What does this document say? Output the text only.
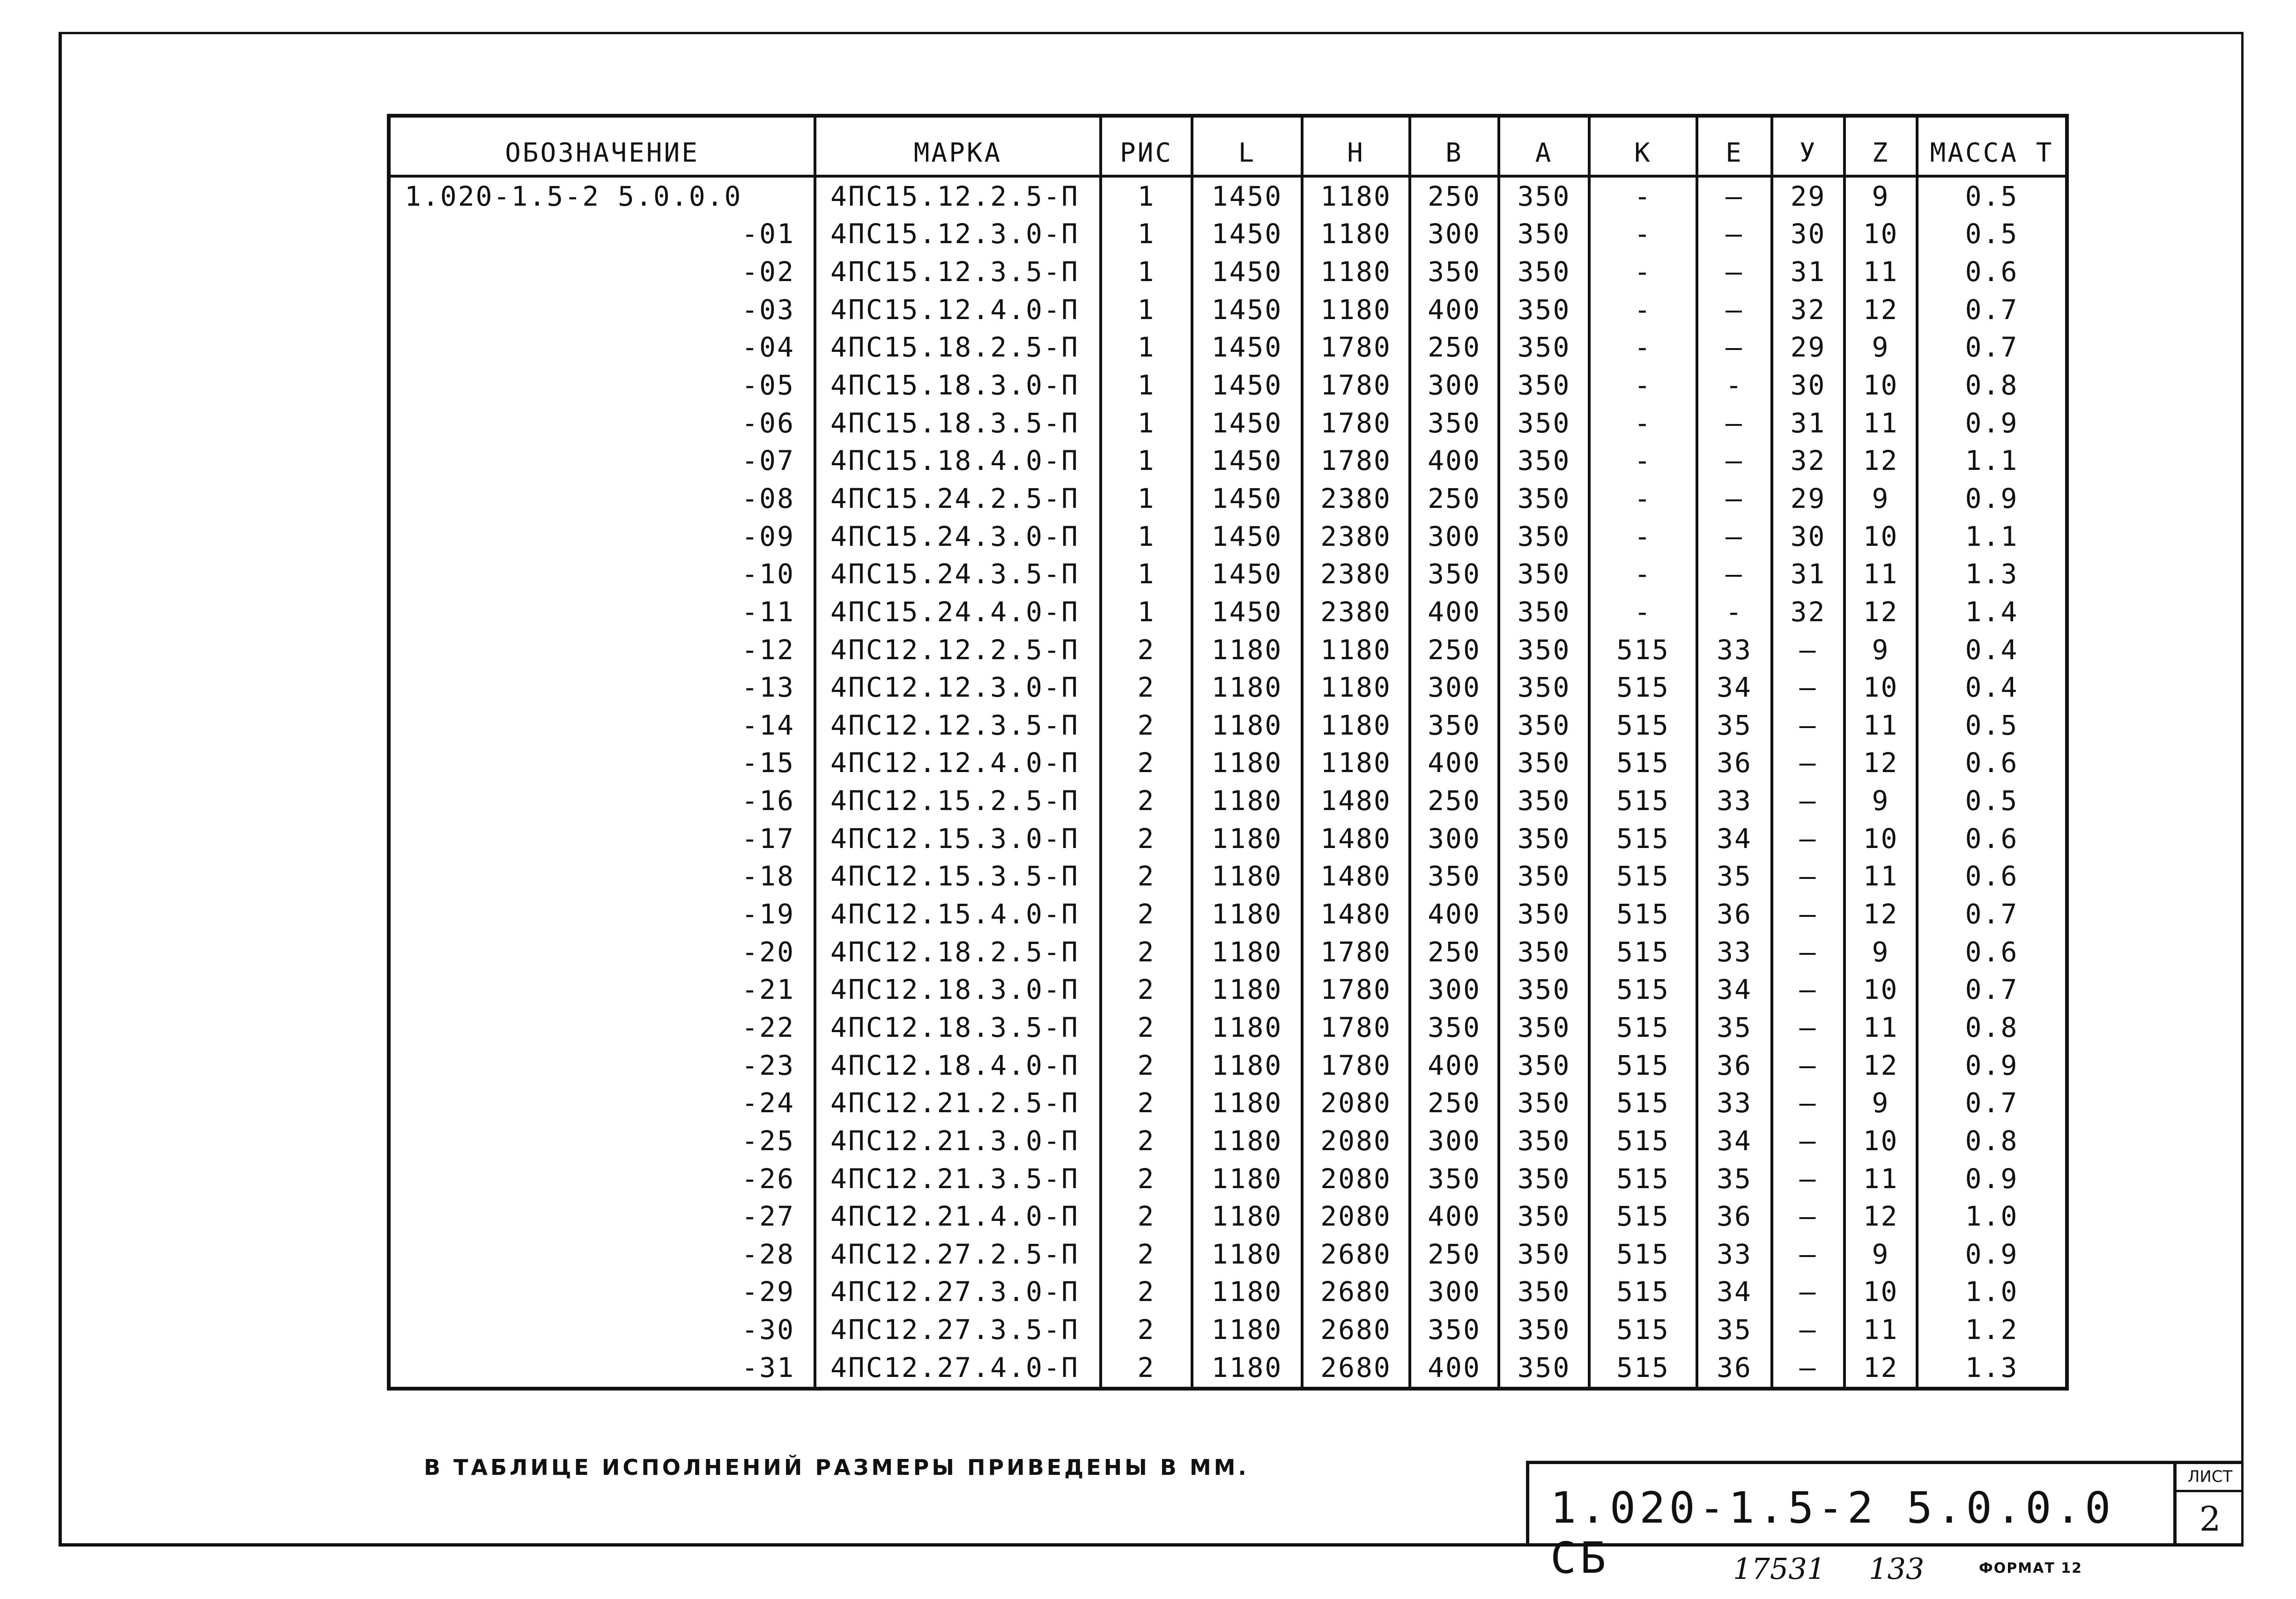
ОБОЗНАЧЕНИЕ	МАРКА	РИС	L	H	B	A	K	E	У	Z	МАССА Т
1.020-1.5-2 5.0.0.0	4ПС15.12.2.5-П	1	1450	1180	250	350	-	–	29	9	0.5
-01	4ПС15.12.3.0-П	1	1450	1180	300	350	-	–	30	10	0.5
-02	4ПС15.12.3.5-П	1	1450	1180	350	350	-	–	31	11	0.6
-03	4ПС15.12.4.0-П	1	1450	1180	400	350	-	–	32	12	0.7
-04	4ПС15.18.2.5-П	1	1450	1780	250	350	-	–	29	9	0.7
-05	4ПС15.18.3.0-П	1	1450	1780	300	350	-	-	30	10	0.8
-06	4ПС15.18.3.5-П	1	1450	1780	350	350	-	–	31	11	0.9
-07	4ПС15.18.4.0-П	1	1450	1780	400	350	-	–	32	12	1.1
-08	4ПС15.24.2.5-П	1	1450	2380	250	350	-	–	29	9	0.9
-09	4ПС15.24.3.0-П	1	1450	2380	300	350	-	–	30	10	1.1
-10	4ПС15.24.3.5-П	1	1450	2380	350	350	-	–	31	11	1.3
-11	4ПС15.24.4.0-П	1	1450	2380	400	350	-	-	32	12	1.4
-12	4ПС12.12.2.5-П	2	1180	1180	250	350	515	33	–	9	0.4
-13	4ПС12.12.3.0-П	2	1180	1180	300	350	515	34	–	10	0.4
-14	4ПС12.12.3.5-П	2	1180	1180	350	350	515	35	–	11	0.5
-15	4ПС12.12.4.0-П	2	1180	1180	400	350	515	36	–	12	0.6
-16	4ПС12.15.2.5-П	2	1180	1480	250	350	515	33	–	9	0.5
-17	4ПС12.15.3.0-П	2	1180	1480	300	350	515	34	–	10	0.6
-18	4ПС12.15.3.5-П	2	1180	1480	350	350	515	35	–	11	0.6
-19	4ПС12.15.4.0-П	2	1180	1480	400	350	515	36	–	12	0.7
-20	4ПС12.18.2.5-П	2	1180	1780	250	350	515	33	–	9	0.6
-21	4ПС12.18.3.0-П	2	1180	1780	300	350	515	34	–	10	0.7
-22	4ПС12.18.3.5-П	2	1180	1780	350	350	515	35	–	11	0.8
-23	4ПС12.18.4.0-П	2	1180	1780	400	350	515	36	–	12	0.9
-24	4ПС12.21.2.5-П	2	1180	2080	250	350	515	33	–	9	0.7
-25	4ПС12.21.3.0-П	2	1180	2080	300	350	515	34	–	10	0.8
-26	4ПС12.21.3.5-П	2	1180	2080	350	350	515	35	–	11	0.9
-27	4ПС12.21.4.0-П	2	1180	2080	400	350	515	36	–	12	1.0
-28	4ПС12.27.2.5-П	2	1180	2680	250	350	515	33	–	9	0.9
-29	4ПС12.27.3.0-П	2	1180	2680	300	350	515	34	–	10	1.0
-30	4ПС12.27.3.5-П	2	1180	2680	350	350	515	35	–	11	1.2
-31	4ПС12.27.4.0-П	2	1180	2680	400	350	515	36	–	12	1.3
В ТАБЛИЦЕ ИСПОЛНЕНИЙ РАЗМЕРЫ ПРИВЕДЕНЫ В ММ.
1.020-1.5-2 5.0.0.0 СБ
ЛИСТ
2
17531 133	ФОРМАТ 12
